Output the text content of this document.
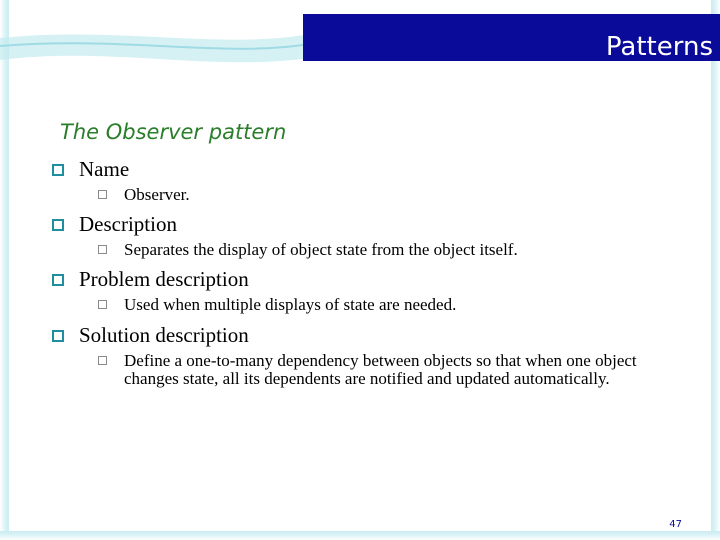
Patterns
The Observer pattern
Name
Observer.
Description
Separates the display of object state from the object itself.
Problem description
Used when multiple displays of state are needed.
Solution description
Define a one-to-many dependency between objects so that when one object changes state, all its dependents are notified and updated automatically.
47
